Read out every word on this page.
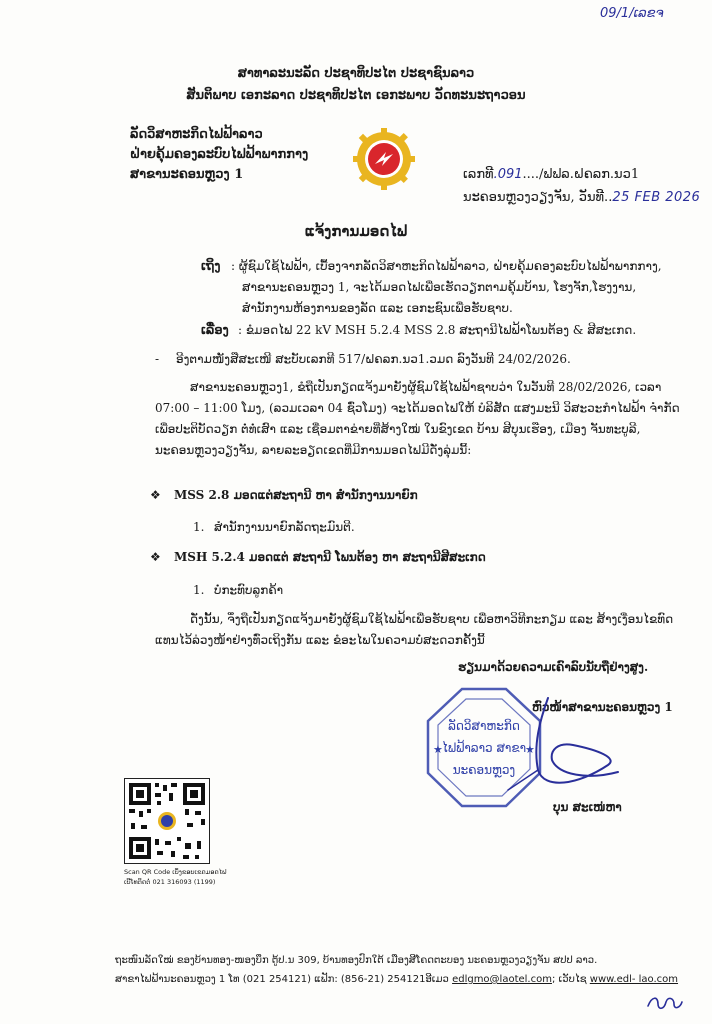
09/1/ເລຂຈ
ສາທາລະນະລັດ ປະຊາທິປະໄຕ ປະຊາຊົນລາວ
ສັນຕິພາບ ເອກະລາດ ປະຊາທິປະໄຕ ເອກະພາບ ວັດທະນະຖາວອນ
ລັດວິສາຫະກິດໄຟຟ້າລາວ
ຝ່າຍຄຸ້ມຄອງລະບົບໄຟຟ້າພາກກາງ
ສາຂານະຄອນຫຼວງ 1	ເລກທີ.091..../ຟຟລ.ຝຄລກ.ນວ1
ນະຄອນຫຼວງວຽງຈັນ, ວັນທີ..25 FEB 2026
ແຈ້ງການມອດໄຟ
ເຖິງ : ຜູ້ຊົມໃຊ້ໄຟຟ້າ, ເບື້ອງຈາກລັດວິສາຫະກິດໄຟຟ້າລາວ, ຝ່າຍຄຸ້ມຄອງລະບົບໄຟຟ້າພາກກາງ,
ສາຂານະຄອນຫຼວງ 1, ຈະໄດ້ມອດໄຟເພື່ອເຮັດວຽກຕາມຄຸ້ມບ້ານ, ໂຮງຈັກ,ໂຮງງານ,
ສຳນັກງານຫ້ອງການຂອງລັດ ແລະ ເອກະຊົນເພື່ອຮັບຊາບ.
ເລື່ອງ : ຂໍມອດໄຟ 22 kV MSH 5.2.4 MSS 2.8 ສະຖານີໄຟຟ້າໂພນຕ້ອງ & ສີສະເກດ.
- ອີງຕາມໜັງສືສະເໜີ ສະບັບເລກທີ 517/ຝຄລກ.ນວ1.ວມດ ລົງວັນທີ 24/02/2026.
ສາຂານະຄອນຫຼວງ1, ຂໍຖືເປັນກຽດແຈ້ງມາຍັງຜູ້ຊົມໃຊ້ໄຟຟ້າຊາບວ່າ ໃນວັນທີ 28/02/2026, ເວລາ
07:00 – 11:00 ໂມງ, (ລວມເວລາ 04 ຊົ່ວໂມງ) ຈະໄດ້ມອດໄຟໃຫ້ ບໍລິສັດ ແສງມະນີ ວິສະວະກຳໄຟຟ້າ ຈຳກັດ
ເພື່ອປະຕິບັດວຽກ ຕໍ່ທໍ່ເສົາ ແລະ ເຊື່ອມຕາຂ່າຍທີ່ສ້າງໃໝ່ ໃນຂົງເຂດ ບ້ານ ສີບຸນເຮືອງ, ເມືອງ ຈັນທະບູລີ,
ນະຄອນຫຼວງວຽງຈັນ, ລາຍລະອຽດເຂດທີ່ມີການມອດໄຟມີດັ່ງລຸ່ມນີ້:
❖ MSS 2.8 ມອດແຕ່ສະຖານີ ຫາ ສຳນັກງານນາຍົກ
1. ສຳນັກງານນາຍົກລັດຖະມົນຕີ.
❖ MSH 5.2.4 ມອດແຕ່ ສະຖານີ ໂພນຕ້ອງ ຫາ ສະຖານີສີສະເກດ
1. ບໍ່ກະທົບລູກຄ້າ
ດັ່ງນັ້ນ, ຈຶ່ງຖືເປັນກຽດແຈ້ງມາຍັງຜູ້ຊົມໃຊ້ໄຟຟ້າເພື່ອຮັບຊາບ ເພື່ອຫາວິທີກະກຽມ ແລະ ສ້າງເງື່ອນໄຂທົດ
ແທນໄວ້ລ່ວງໜ້າຢ່າງທົ່ວເຖິງກັນ ແລະ ຂໍອະໄພໃນຄວາມບໍ່ສະດວກຄັ້ງນີ້
ຮຽນມາດ້ວຍຄວາມເຄົາລົບນັບຖືຢ່າງສູງ.
ຫົວໜ້າສາຂານະຄອນຫຼວງ 1
★	★
ລັດວິສາຫະກິດ
ໄຟຟ້າລາວ ສາຂາ
ນະຄອນຫຼວງ
ບຸນ ສະເໜ່ຫາ
Scan QR Code ເບິ່ງຂອບເຂດມອດໄຟ
ເບີໂທຕິດຕໍ່ 021 316093 (1199)
ຖະໜົນລັດໃໝ່ ຂອງບ້ານທອງ-ໜອງບຶກ ຕູ້ປ.ນ 309, ບ້ານທອງປົກໃຕ້ ເມືອງສີໂຄດຕະບອງ ນະຄອນຫຼວງວຽງຈັນ ສປປ ລາວ.
ສາຂາໄຟຟ້ານະຄອນຫຼວງ 1 ໂທ (021 254121) ແຟັກ: (856-21) 254121ອີເມວ edlgmo@laotel.com; ເວັບໄຊ www.edl- lao.com
